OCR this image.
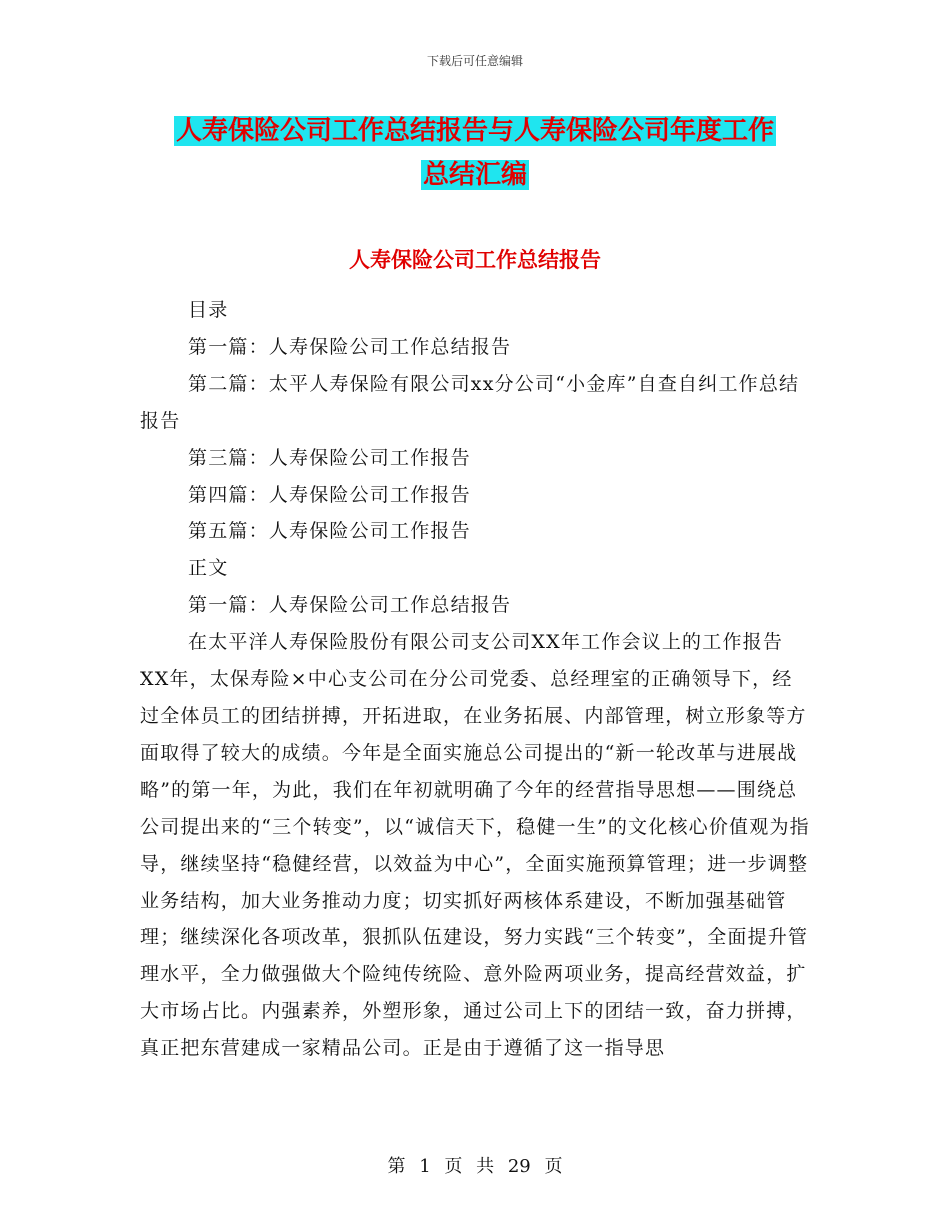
下载后可任意编辑
人寿保险公司工作总结报告与人寿保险公司年度工作
总结汇编
人寿保险公司工作总结报告

目录

第一篇：人寿保险公司工作总结报告

第二篇：太平人寿保险有限公司xx分公司“小金库”自查自纠工作总结报告

第三篇：人寿保险公司工作报告

第四篇：人寿保险公司工作报告

第五篇：人寿保险公司工作报告

正文

第一篇：人寿保险公司工作总结报告

在太平洋人寿保险股份有限公司支公司XX年工作会议上的工作报告XX年，太保寿险×中心支公司在分公司党委、总经理室的正确领导下，经过全体员工的团结拼搏，开拓进取，在业务拓展、内部管理，树立形象等方面取得了较大的成绩。今年是全面实施总公司提出的“新一轮改革与进展战略”的第一年，为此，我们在年初就明确了今年的经营指导思想——围绕总公司提出来的“三个转变”，以“诚信天下，稳健一生”的文化核心价值观为指导，继续坚持“稳健经营，以效益为中心”，全面实施预算管理；进一步调整业务结构，加大业务推动力度；切实抓好两核体系建设，不断加强基础管理；继续深化各项改革，狠抓队伍建设，努力实践“三个转变”，全面提升管理水平，全力做强做大个险纯传统险、意外险两项业务，提高经营效益，扩大市场占比。内强素养，外塑形象，通过公司上下的团结一致，奋力拼搏，真正把东营建成一家精品公司。正是由于遵循了这一指导思

第 1 页 共 29 页
